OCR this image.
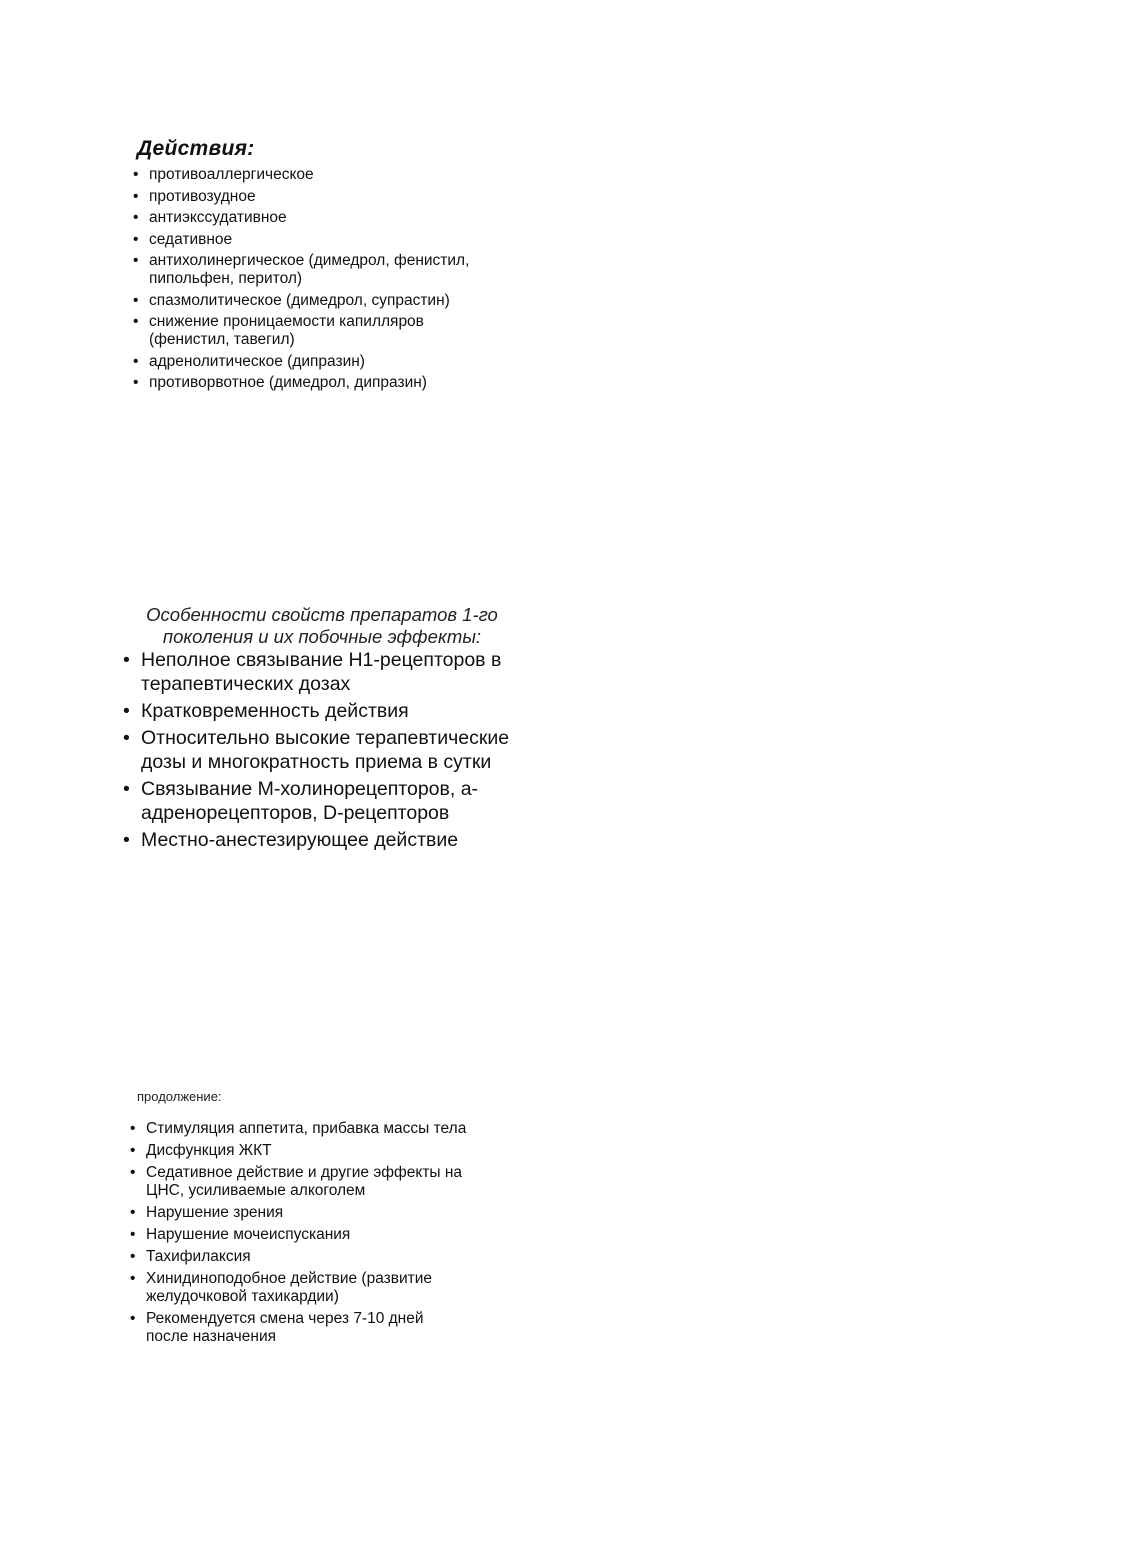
Действия:
• противоаллергическое
• противозудное
• антиэкссудативное
• седативное
• антихолинергическое (димедрол, фенистил, пипольфен, перитол)
• спазмолитическое (димедрол, супрастин)
• снижение проницаемости капилляров (фенистил, тавегил)
• адренолитическое (дипразин)
• противорвотное (димедрол, дипразин)
Особенности свойств препаратов 1-го поколения и их побочные эффекты:
• Неполное связывание Н1-рецепторов в терапевтических дозах
• Кратковременность действия
• Относительно высокие терапевтические дозы и многократность приема в сутки
• Связывание М-холинорецепторов, а-адренорецепторов, D-рецепторов
• Местно-анестезирующее действие
продолжение:
• Стимуляция аппетита, прибавка массы тела
• Дисфункция ЖКТ
• Седативное действие и другие эффекты на ЦНС, усиливаемые алкоголем
• Нарушение зрения
• Нарушение мочеиспускания
• Тахифилаксия
• Хинидиноподобное действие (развитие желудочковой тахикардии)
• Рекомендуется смена через 7-10 дней после назначения
